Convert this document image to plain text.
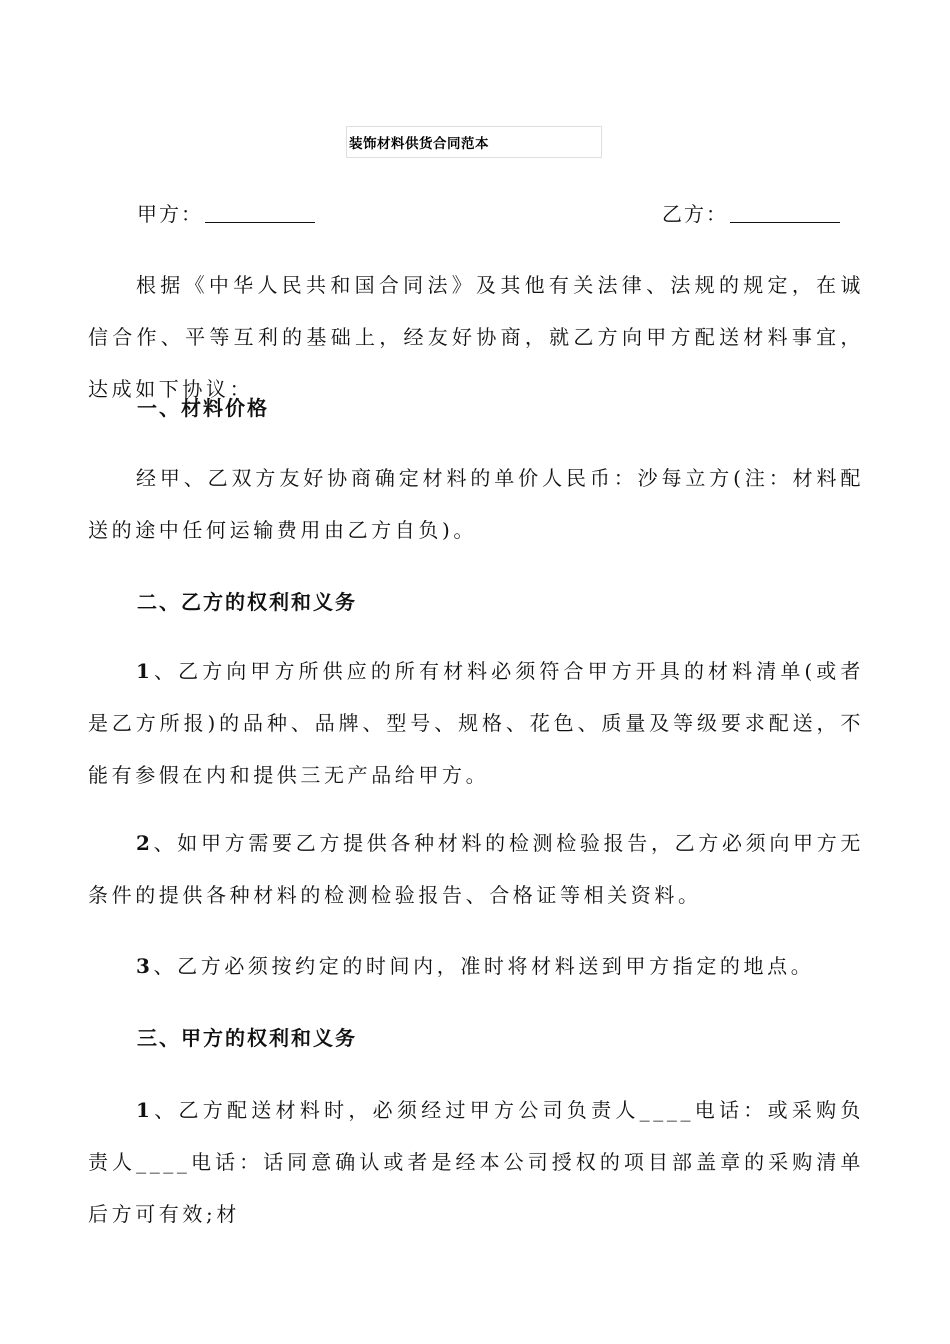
装饰材料供货合同范本
甲方：	乙方：

根据《中华人民共和国合同法》及其他有关法律、法规的规定，在诚信合作、平等互利的基础上，经友好协商，就乙方向甲方配送材料事宜，达成如下协议：

一、材料价格

经甲、乙双方友好协商确定材料的单价人民币：沙每立方(注：材料配送的途中任何运输费用由乙方自负)。

二、乙方的权利和义务

1、乙方向甲方所供应的所有材料必须符合甲方开具的材料清单(或者是乙方所报)的品种、品牌、型号、规格、花色、质量及等级要求配送，不能有参假在内和提供三无产品给甲方。

2、如甲方需要乙方提供各种材料的检测检验报告，乙方必须向甲方无条件的提供各种材料的检测检验报告、合格证等相关资料。

3、乙方必须按约定的时间内，准时将材料送到甲方指定的地点。

三、甲方的权利和义务

1、乙方配送材料时，必须经过甲方公司负责人____电话：或采购负责人____电话：话同意确认或者是经本公司授权的项目部盖章的采购清单后方可有效;材
